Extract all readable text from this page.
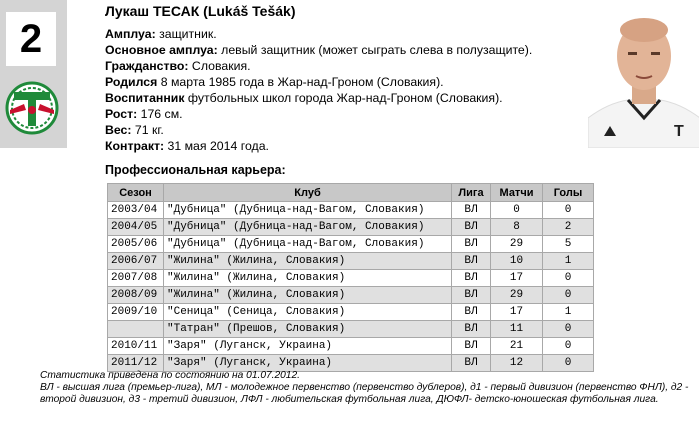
2
Лукаш ТЕСАК (Lukáš Tešák)
Амплуа: защитник.
Основное амплуа: левый защитник (может сыграть слева в полузащите).
Гражданство: Словакия.
Родился 8 марта 1985 года в Жар-над-Гроном (Словакия).
Воспитанник футбольных школ города Жар-над-Гроном (Словакия).
Рост: 176 см.
Вес: 71 кг.
Контракт: 31 мая 2014 года.
Т
Профессиональная карьера:
Сезон	Клуб	Лига	Матчи	Голы
2003/04	"Дубница" (Дубница-над-Вагом, Словакия)	ВЛ	0	0
2004/05	"Дубница" (Дубница-над-Вагом, Словакия)	ВЛ	8	2
2005/06	"Дубница" (Дубница-над-Вагом, Словакия)	ВЛ	29	5
2006/07	"Жилина" (Жилина, Словакия)	ВЛ	10	1
2007/08	"Жилина" (Жилина, Словакия)	ВЛ	17	0
2008/09	"Жилина" (Жилина, Словакия)	ВЛ	29	0
2009/10	"Сеница" (Сеница, Словакия)	ВЛ	17	1
	"Татран" (Прешов, Словакия)	ВЛ	11	0
2010/11	"Заря" (Луганск, Украина)	ВЛ	21	0
2011/12	"Заря" (Луганск, Украина)	ВЛ	12	0
Статистика приведена по состоянию на 01.07.2012.
ВЛ - высшая лига (премьер-лига), МЛ - молодежное первенство (первенство дублеров), д1 - первый дивизион (первенство ФНЛ), д2 - второй дивизион, д3 - третий дивизион, ЛФЛ - любительская футбольная лига, ДЮФЛ- детско-юношеская футбольная лига.
